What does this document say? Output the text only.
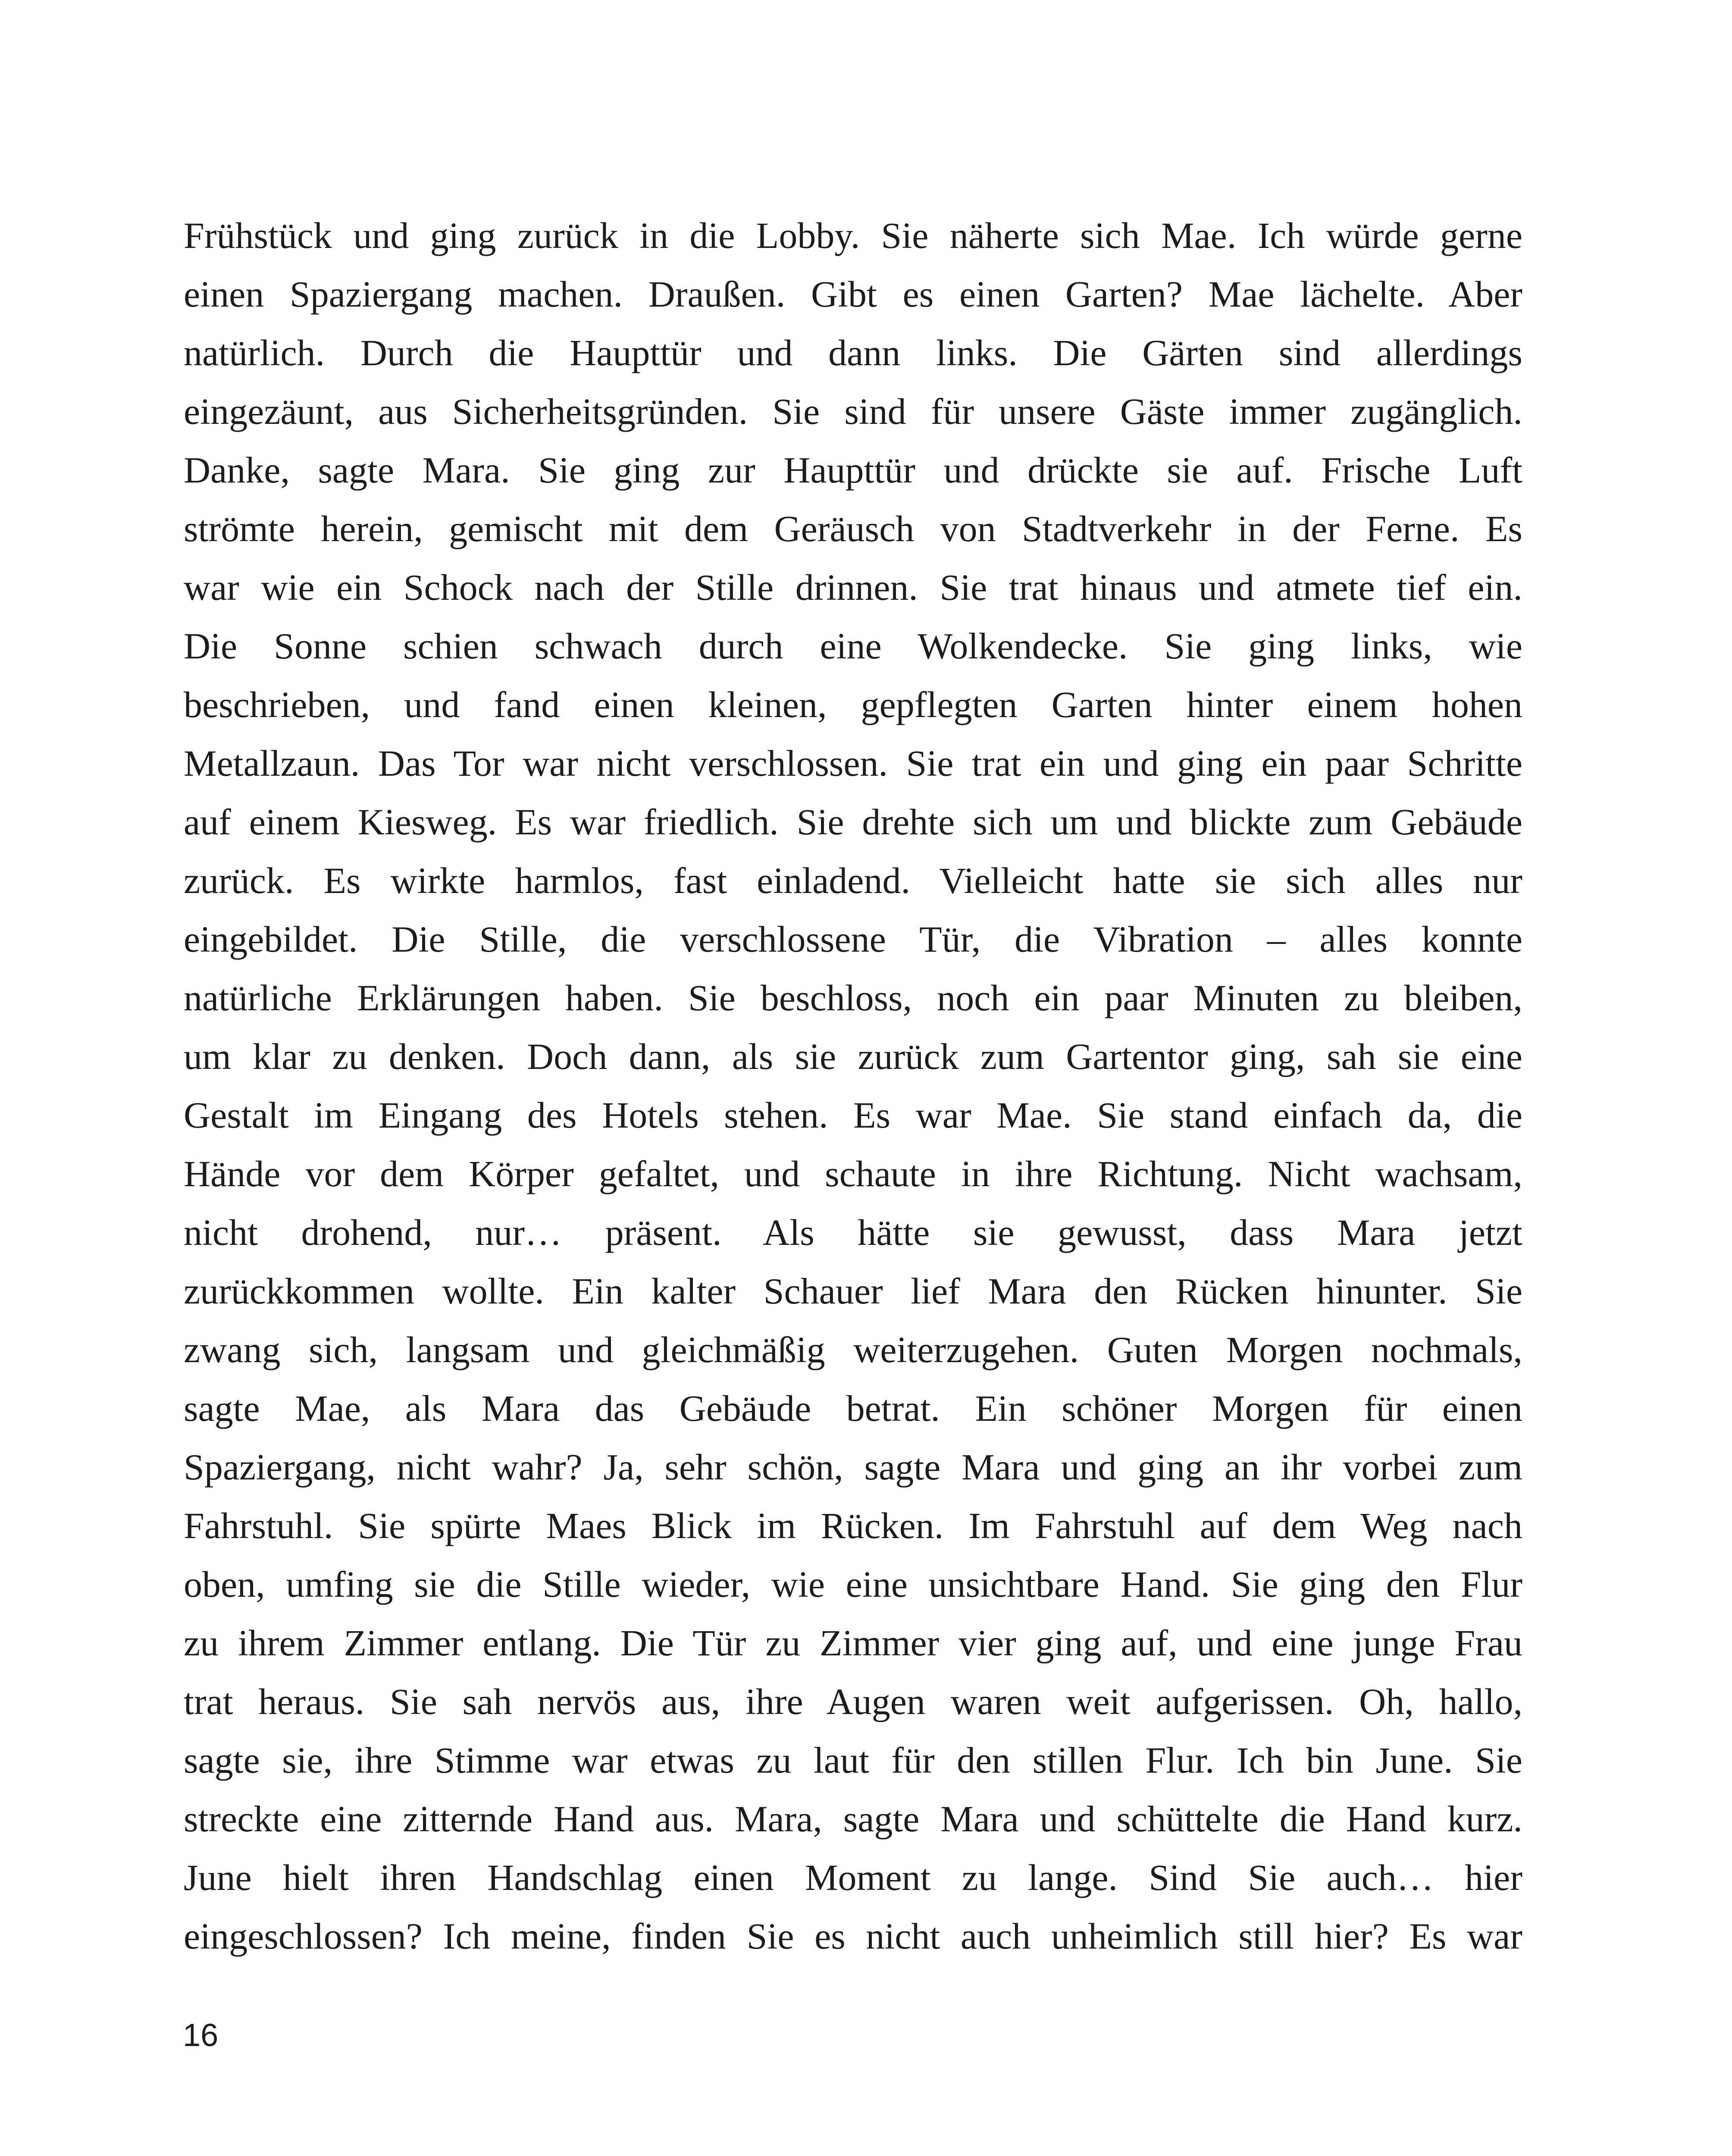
Frühstück und ging zurück in die Lobby. Sie näherte sich Mae. Ich würde gerne
einen Spaziergang machen. Draußen. Gibt es einen Garten? Mae lächelte. Aber
natürlich. Durch die Haupttür und dann links. Die Gärten sind allerdings
eingezäunt, aus Sicherheitsgründen. Sie sind für unsere Gäste immer zugänglich.
Danke, sagte Mara. Sie ging zur Haupttür und drückte sie auf. Frische Luft
strömte herein, gemischt mit dem Geräusch von Stadtverkehr in der Ferne. Es
war wie ein Schock nach der Stille drinnen. Sie trat hinaus und atmete tief ein.
Die Sonne schien schwach durch eine Wolkendecke. Sie ging links, wie
beschrieben, und fand einen kleinen, gepflegten Garten hinter einem hohen
Metallzaun. Das Tor war nicht verschlossen. Sie trat ein und ging ein paar Schritte
auf einem Kiesweg. Es war friedlich. Sie drehte sich um und blickte zum Gebäude
zurück. Es wirkte harmlos, fast einladend. Vielleicht hatte sie sich alles nur
eingebildet. Die Stille, die verschlossene Tür, die Vibration – alles konnte
natürliche Erklärungen haben. Sie beschloss, noch ein paar Minuten zu bleiben,
um klar zu denken. Doch dann, als sie zurück zum Gartentor ging, sah sie eine
Gestalt im Eingang des Hotels stehen. Es war Mae. Sie stand einfach da, die
Hände vor dem Körper gefaltet, und schaute in ihre Richtung. Nicht wachsam,
nicht drohend, nur… präsent. Als hätte sie gewusst, dass Mara jetzt
zurückkommen wollte. Ein kalter Schauer lief Mara den Rücken hinunter. Sie
zwang sich, langsam und gleichmäßig weiterzugehen. Guten Morgen nochmals,
sagte Mae, als Mara das Gebäude betrat. Ein schöner Morgen für einen
Spaziergang, nicht wahr? Ja, sehr schön, sagte Mara und ging an ihr vorbei zum
Fahrstuhl. Sie spürte Maes Blick im Rücken. Im Fahrstuhl auf dem Weg nach
oben, umfing sie die Stille wieder, wie eine unsichtbare Hand. Sie ging den Flur
zu ihrem Zimmer entlang. Die Tür zu Zimmer vier ging auf, und eine junge Frau
trat heraus. Sie sah nervös aus, ihre Augen waren weit aufgerissen. Oh, hallo,
sagte sie, ihre Stimme war etwas zu laut für den stillen Flur. Ich bin June. Sie
streckte eine zitternde Hand aus. Mara, sagte Mara und schüttelte die Hand kurz.
June hielt ihren Handschlag einen Moment zu lange. Sind Sie auch… hier
eingeschlossen? Ich meine, finden Sie es nicht auch unheimlich still hier? Es war
16
